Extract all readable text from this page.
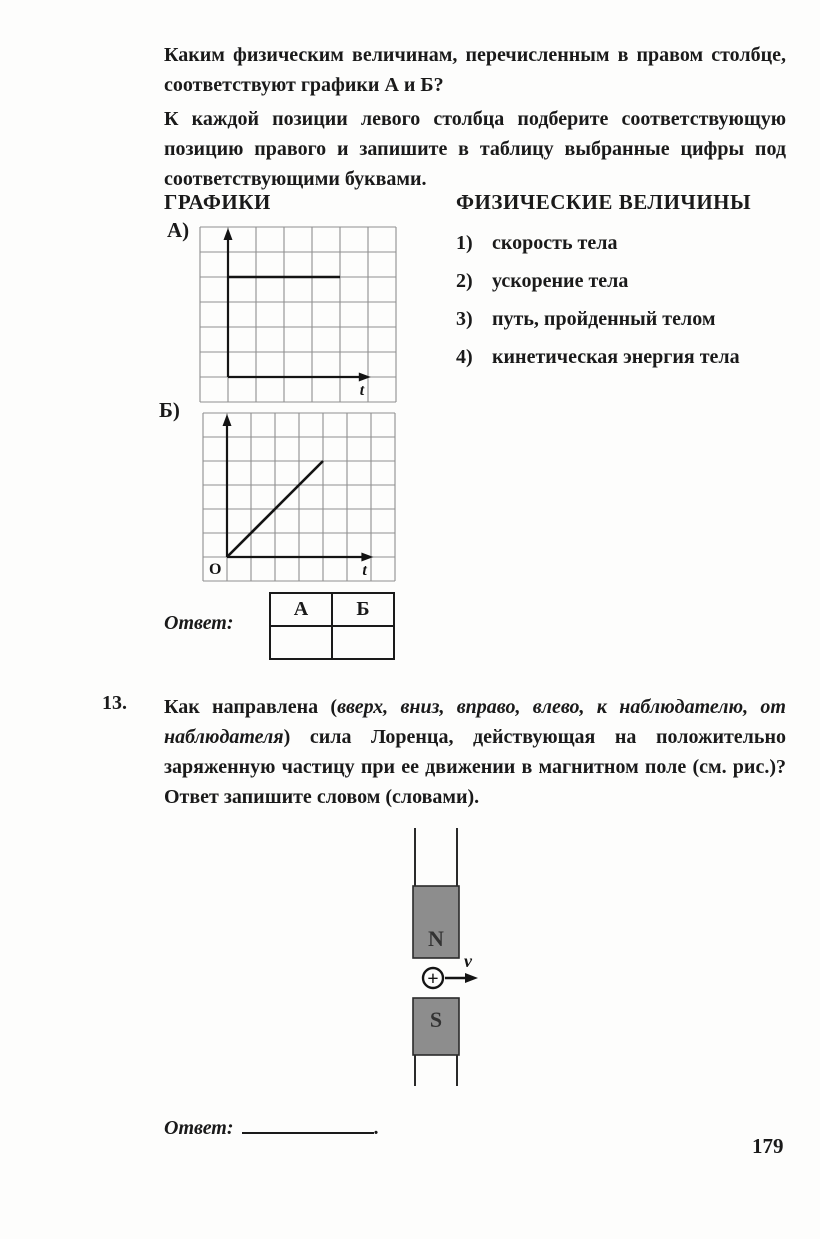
Каким физическим величинам, перечисленным в правом столбце, соответствуют графики А и Б?

К каждой позиции левого столбца подберите соответствующую позицию правого и запишите в таблицу выбранные цифры под соответствующими буквами.

ГРАФИКИ	ФИЗИЧЕСКИЕ ВЕЛИЧИНЫ
А)
t
Б)
t
O
1) скорость тела
2) ускорение тела
3) путь, пройденный телом
4) кинетическая энергия тела
Ответ:
А	Б

13. Как направлена (вверх, вниз, вправо, влево, к наблюдателю, от наблюдателя) сила Лоренца, действующая на положительно заряженную частицу при ее движении в магнитном поле (см. рис.)? Ответ запишите словом (словами).

N
+
v
S
Ответ:	.
179
